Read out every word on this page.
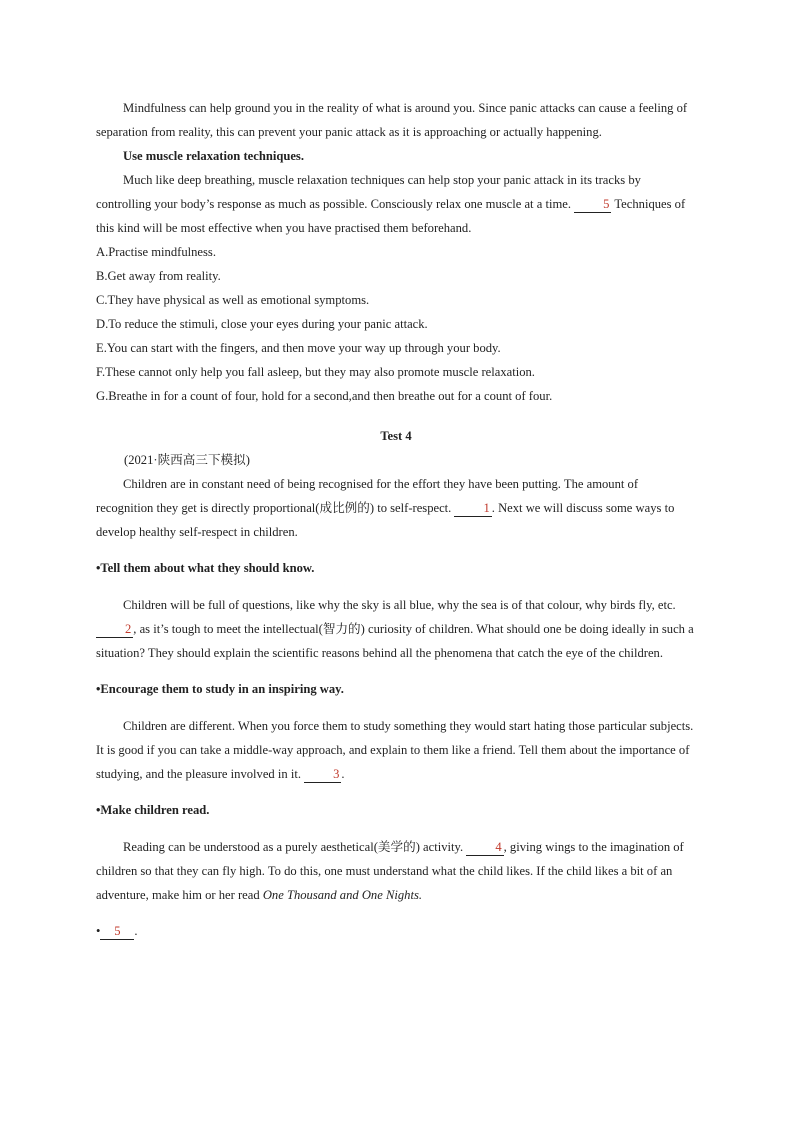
Mindfulness can help ground you in the reality of what is around you. Since panic attacks can cause a feeling of separation from reality, this can prevent your panic attack as it is approaching or actually happening.

Use muscle relaxation techniques.

Much like deep breathing, muscle relaxation techniques can help stop your panic attack in its tracks by controlling your body’s response as much as possible. Consciously relax one muscle at a time.	5 Techniques of this kind will be most effective when you have practised them beforehand.

A.Practise mindfulness.

B.Get away from reality.

C.They have physical as well as emotional symptoms.

D.To reduce the stimuli, close your eyes during your panic attack.

E.You can start with the fingers, and then move your way up through your body.

F.These cannot only help you fall asleep, but they may also promote muscle relaxation.

G.Breathe in for a count of four, hold for a second,and then breathe out for a count of four.

Test 4

(2021·陕西高三下模拟)

Children are in constant need of being recognised for the effort they have been putting. The amount of recognition they get is directly proportional(成比例的) to self-respect.	1 . Next we will discuss some ways to develop healthy self-respect in children.

•Tell them about what they should know.

Children will be full of questions, like why the sky is all blue, why the sea is of that colour, why birds fly, etc. 2 , as it’s tough to meet the intellectual(智力的) curiosity of children. What should one be doing ideally in such a situation? They should explain the scientific reasons behind all the phenomena that catch the eye of the children.

•Encourage them to study in an inspiring way.

Children are different. When you force them to study something they would start hating those particular subjects. It is good if you can take a middle-way approach, and explain to them like a friend. Tell them about the importance of studying, and the pleasure involved in it.	3 .

•Make children read.

Reading can be understood as a purely aesthetical(美学的) activity.	4 , giving wings to the imagination of children so that they can fly high. To do this, one must understand what the child likes. If the child likes a bit of an adventure, make him or her read One Thousand and One Nights.

• 5 .
